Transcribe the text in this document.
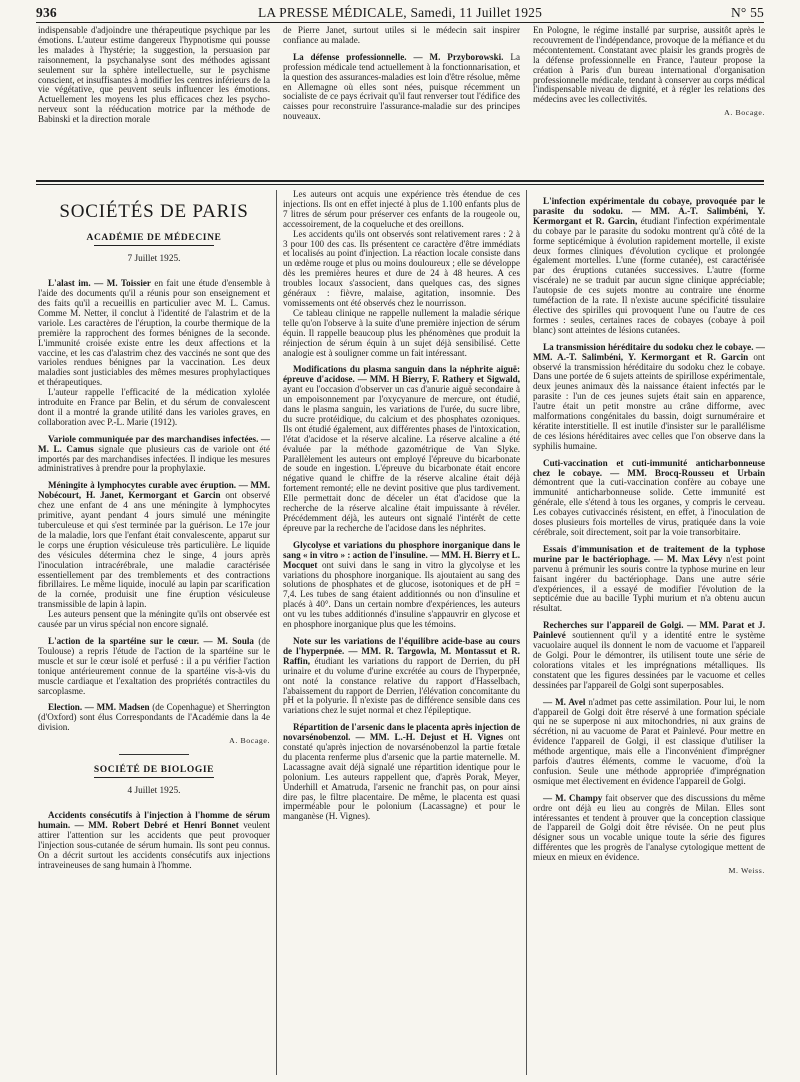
936	LA PRESSE MÉDICALE, Samedi, 11 Juillet 1925	N° 55

indispensable d'adjoindre une thérapeutique psychique par les émotions. L'auteur estime dangereux l'hypnotisme qui pousse les malades à l'hystérie; la suggestion, la persuasion par raisonnement, la psychanalyse sont des méthodes agissant seulement sur la sphère intellectuelle, sur le psychisme conscient, et insuffisantes à modifier les centres inférieurs de la vie végétative, que peuvent seuls influencer les émotions. Actuellement les moyens les plus efficaces chez les psycho-nerveux sont la rééducation motrice par la méthode de Babinski et la direction morale

de Pierre Janet, surtout utiles si le médecin sait inspirer confiance au malade.

La défense professionnelle. — M. Przyborowski. La profession médicale tend actuellement à la fonctionnarisation, et la question des assurances-maladies est loin d'être résolue, même en Allemagne où elles sont nées, puisque récemment un socialiste de ce pays écrivait qu'il faut renverser tout l'édifice des caisses pour reconstruire l'assurance-maladie sur des principes nouveaux.

En Pologne, le régime installé par surprise, aussitôt après le recouvrement de l'indépendance, provoque de la méfiance et du mécontentement. Constatant avec plaisir les grands progrès de la défense professionnelle en France, l'auteur propose la création à Paris d'un bureau international d'organisation professionnelle médicale, tendant à conserver au corps médical l'indispensable niveau de dignité, et à régler les relations des médecins avec les collectivités.

A. Bocage.
SOCIÉTÉS DE PARIS
ACADÉMIE DE MÉDECINE
7 Juillet 1925.

L'alast im. — M. Toissier en fait une étude d'ensemble à l'aide des documents qu'il a réunis pour son enseignement et des faits qu'il a recueillis en particulier avec M. L. Camus. Comme M. Netter, il conclut à l'identité de l'alastrim et de la variole. Les caractères de l'éruption, la courbe thermique de la première la rapprochent des formes bénignes de la seconde. L'immunité croisée existe entre les deux affections et la vaccine, et les cas d'alastrim chez des vaccinés ne sont que des varioles rendues bénignes par la vaccination. Les deux maladies sont justiciables des mêmes mesures prophylactiques et thérapeutiques.

L'auteur rappelle l'efficacité de la médication xylolée introduite en France par Belin, et du sérum de convalescent dont il a montré la grande utilité dans les varioles graves, en collaboration avec P.-L. Marie (1912).

Variole communiquée par des marchandises infectées. — M. L. Camus signale que plusieurs cas de variole ont été importés par des marchandises infectées. Il indique les mesures administratives à prendre pour la prophylaxie.

Méningite à lymphocytes curable avec éruption. — MM. Nobécourt, H. Janet, Kermorgant et Garcin ont observé chez une enfant de 4 ans une méningite à lymphocytes primitive, ayant pendant 4 jours simulé une méningite tuberculeuse et qui s'est terminée par la guérison. Le 17e jour de la maladie, lors que l'enfant était convalescente, apparut sur le corps une éruption vésiculeuse très particulière. Le liquide des vésicules détermina chez le singe, 4 jours après l'inoculation intracérébrale, une maladie caractérisée essentiellement par des tremblements et des contractions fibrillaires. Le même liquide, inoculé au lapin par scarification de la cornée, produisit une fine éruption vésiculeuse transmissible de lapin à lapin.

Les auteurs pensent que la méningite qu'ils ont observée est causée par un virus spécial non encore signalé.

L'action de la spartéine sur le cœur. — M. Soula (de Toulouse) a repris l'étude de l'action de la spartéine sur le muscle et sur le cœur isolé et perfusé : il a pu vérifier l'action tonique antérieurement connue de la spartéine vis-à-vis du muscle cardiaque et l'exaltation des propriétés contractiles du sarcoplasme.

Election. — MM. Madsen (de Copenhague) et Sherrington (d'Oxford) sont élus Correspondants de l'Académie dans la 4e division.

A. Bocage.
SOCIÉTÉ DE BIOLOGIE
4 Juillet 1925.

Accidents consécutifs à l'injection à l'homme de sérum humain. — MM. Robert Debré et Henri Bonnet veulent attirer l'attention sur les accidents que peut provoquer l'injection sous-cutanée de sérum humain. Ils sont peu connus. On a décrit surtout les accidents consécutifs aux injections intraveineuses de sang humain à l'homme.

Les auteurs ont acquis une expérience très étendue de ces injections. Ils ont en effet injecté à plus de 1.100 enfants plus de 7 litres de sérum pour préserver ces enfants de la rougeole ou, accessoirement, de la coqueluche et des oreillons.

Les accidents qu'ils ont observés sont relativement rares : 2 à 3 pour 100 des cas. Ils présentent ce caractère d'être immédiats et localisés au point d'injection. La réaction locale consiste dans un œdème rouge et plus ou moins douloureux ; elle se développe dès les premières heures et dure de 24 à 48 heures. A ces troubles locaux s'associent, dans quelques cas, des signes généraux : fièvre, malaise, agitation, insomnie. Des vomissements ont été observés chez le nourrisson.

Ce tableau clinique ne rappelle nullement la maladie sérique telle qu'on l'observe à la suite d'une première injection de sérum équin. Il rappelle beaucoup plus les phénomènes que produit la réinjection de sérum équin à un sujet déjà sensibilisé. Cette analogie est à souligner comme un fait intéressant.

Modifications du plasma sanguin dans la néphrite aiguë: épreuve d'acidose. — MM. H Bierry, F. Rathery et Sigwald, ayant eu l'occasion d'observer un cas d'anurie aiguë secondaire à un empoisonnement par l'oxycyanure de mercure, ont étudié, dans le plasma sanguin, les variations de l'urée, du sucre libre, du sucre protéidique, du calcium et des phosphates ozoniques. Ils ont étudié également, aux différentes phases de l'intoxication, l'état d'acidose et la réserve alcaline. La réserve alcaline a été évaluée par la méthode gazométrique de Van Slyke. Parallèlement les auteurs ont employé l'épreuve du bicarbonate de soude en ingestion. L'épreuve du bicarbonate était encore négative quand le chiffre de la réserve alcaline était déjà fortement remonté; elle ne devint positive que plus tardivement. Elle permettait donc de déceler un état d'acidose que la recherche de la réserve alcaline était impuissante à révéler. Précédemment déjà, les auteurs ont signalé l'intérêt de cette épreuve par la recherche de l'acidose dans les néphrites.

Glycolyse et variations du phosphore inorganique dans le sang « in vitro » : action de l'insuline. — MM. H. Bierry et L. Mocquet ont suivi dans le sang in vitro la glycolyse et les variations du phosphore inorganique. Ils ajoutaient au sang des solutions de phosphates et de glucose, isotoniques et de pH = 7,4. Les tubes de sang étaient additionnés ou non d'insuline et placés à 40°. Dans un certain nombre d'expériences, les auteurs ont vu les tubes additionnés d'insuline s'appauvrir en glycose et en phosphore inorganique plus que les témoins.

Note sur les variations de l'équilibre acide-base au cours de l'hyperpnée. — MM. R. Targowla, M. Montassut et R. Raffin, étudiant les variations du rapport de Derrien, du pH urinaire et du volume d'urine excrétée au cours de l'hyperpnée, ont noté la constance relative du rapport d'Hasselbach, l'abaissement du rapport de Derrien, l'élévation concomitante du pH et la polyurie. Il n'existe pas de différence sensible dans ces variations chez le sujet normal et chez l'épileptique.

Répartition de l'arsenic dans le placenta après injection de novarsénobenzol. — MM. L.-H. Dejust et H. Vignes ont constaté qu'après injection de novarsénobenzol la partie fœtale du placenta renferme plus d'arsenic que la partie maternelle. M. Lacassagne avait déjà signalé une répartition identique pour le polonium. Les auteurs rappellent que, d'après Porak, Meyer, Underhill et Amatruda, l'arsenic ne franchit pas, on pour ainsi dire pas, le filtre placentaire. De même, le placenta est quasi imperméable pour le polonium (Lacassagne) et pour le manganèse (H. Vignes).

L'infection expérimentale du cobaye, provoquée par le parasite du sodoku. — MM. A.-T. Salimbéni, Y. Kermorgant et R. Garcin, étudiant l'infection expérimentale du cobaye par le parasite du sodoku montrent qu'à côté de la forme septicémique à évolution rapidement mortelle, il existe deux formes cliniques d'évolution cyclique et prolongée également mortelles. L'une (forme cutanée), est caractérisée par des éruptions cutanées successives. L'autre (forme viscérale) ne se traduit par aucun signe clinique appréciable; l'autopsie de ces sujets montre au contraire une énorme tuméfaction de la rate. Il n'existe aucune spécificité tissulaire élective des spirilles qui provoquent l'une ou l'autre de ces formes : seules, certaines races de cobayes (cobaye à poil blanc) sont atteintes de lésions cutanées.

La transmission héréditaire du sodoku chez le cobaye. — MM. A.-T. Salimbéni, Y. Kermorgant et R. Garcin ont observé la transmission héréditaire du sodoku chez le cobaye. Dans une portée de 6 sujets atteints de spirillose expérimentale, deux jeunes animaux dès la naissance étaient infectés par le parasite : l'un de ces jeunes sujets était sain en apparence, l'autre était un petit monstre au crâne difforme, avec malformations congénitales du bassin, doigt surnuméraire et kératite interstitielle. Il est inutile d'insister sur le parallélisme de ces lésions héréditaires avec celles que l'on observe dans la syphilis humaine.

Cuti-vaccination et cuti-immunité anticharbonneuse chez le cobaye. — MM. Brocq-Rousseu et Urbain démontrent que la cuti-vaccination confère au cobaye une immunité anticharbonneuse solide. Cette immunité est générale, elle s'étend à tous les organes, y compris le cerveau. Les cobayes cutivaccinés résistent, en effet, à l'inoculation de doses plusieurs fois mortelles de virus, pratiquée dans la voie cérébrale, soit directement, soit par la voie transorbitaire.

Essais d'immunisation et de traitement de la typhose murine par le bactériophage. — M. Max Lévy n'est point parvenu à prémunir les souris contre la typhose murine en leur faisant ingérer du bactériophage. Dans une autre série d'expériences, il a essayé de modifier l'évolution de la septicémie due au bacille Typhi murium et n'a obtenu aucun résultat.

Recherches sur l'appareil de Golgi. — MM. Parat et J. Painlevé soutiennent qu'il y a identité entre le système vacuolaire auquel ils donnent le nom de vacuome et l'appareil de Golgi. Pour le démontrer, ils utilisent toute une série de colorations vitales et les imprégnations métalliques. Ils constatent que les figures dessinées par le vacuome et celles dessinées par l'appareil de Golgi sont superposables.

— M. Avel n'admet pas cette assimilation. Pour lui, le nom d'appareil de Golgi doit être réservé à une formation spéciale qui ne se superpose ni aux mitochondries, ni aux grains de sécrétion, ni au vacuome de Parat et Painlevé. Pour mettre en évidence l'appareil de Golgi, il est classique d'utiliser la méthode argentique, mais elle a l'inconvénient d'imprégner parfois d'autres éléments, comme le vacuome, d'où la confusion. Seule une méthode appropriée d'imprégnation osmique met électivement en évidence l'appareil de Golgi.

— M. Champy fait observer que des discussions du même ordre ont déjà eu lieu au congrès de Milan. Elles sont intéressantes et tendent à prouver que la conception classique de l'appareil de Golgi doit être révisée. On ne peut plus désigner sous un vocable unique toute la série des figures différentes que les progrès de l'analyse cytologique mettent de mieux en mieux en évidence.

M. Weiss.
